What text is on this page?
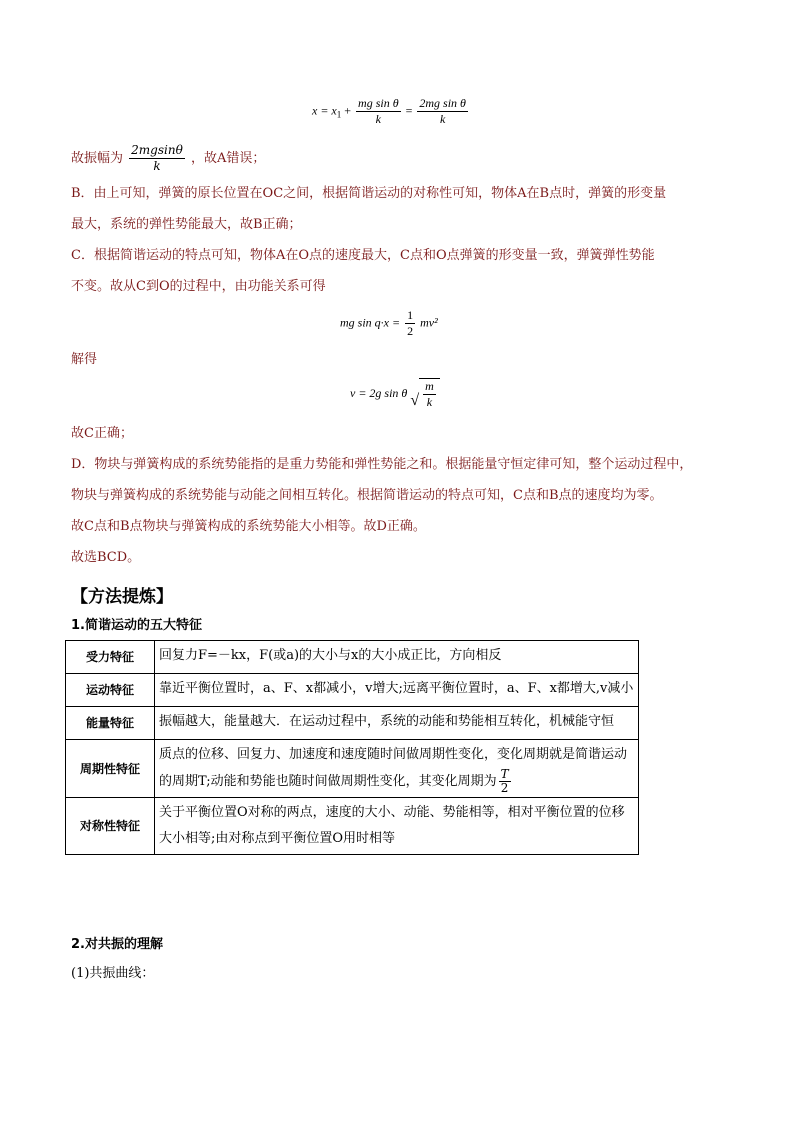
$x = x_1 + \frac{\text{mg sin θ}}{k} = \frac{\text{2mg sin θ}}{k}$
故振幅为 $\frac{2mgsin\theta}{k}$ ，故A错误；
B．由上可知，弹簧的原长位置在OC之间，根据简谐运动的对称性可知，物体A在B点时，弹簧的形变量
最大，系统的弹性势能最大，故B正确；
C．根据简谐运动的特点可知，物体A在O点的速度最大，C点和O点弹簧的形变量一致，弹簧弹性势能
不变。故从C到O的过程中，由功能关系可得
mg $\sin q\cdot x = \frac{1}{2} mv^2$
解得
v = 2g sin θ √ $\frac{m}{k}$
故C正确；
D．物块与弹簧构成的系统势能指的是重力势能和弹性势能之和。根据能量守恒定律可知，整个运动过程中，
物块与弹簧构成的系统势能与动能之间相互转化。根据简谐运动的特点可知，C点和B点的速度均为零。
故C点和B点物块与弹簧构成的系统势能大小相等。故D正确。
故选BCD。
【方法提炼】
1.简谐运动的五大特征
受力特征	回复力F=－kx，F(或a)的大小与x的大小成正比，方向相反
运动特征	靠近平衡位置时，a、F、x都减小，v增大;远离平衡位置时，a、F、x都增大,v减小
能量特征	振幅越大，能量越大．在运动过程中，系统的动能和势能相互转化，机械能守恒
周期性特征	质点的位移、回复力、加速度和速度随时间做周期性变化，变化周期就是简谐运动的周期T;动能和势能也随时间做周期性变化，其变化周期为 $\frac{T}{2}$

对称性特征	关于平衡位置O对称的两点，速度的大小、动能、势能相等，相对平衡位置的位移大小相等;由对称点到平衡位置O用时相等
2.对共振的理解
(1)共振曲线：
